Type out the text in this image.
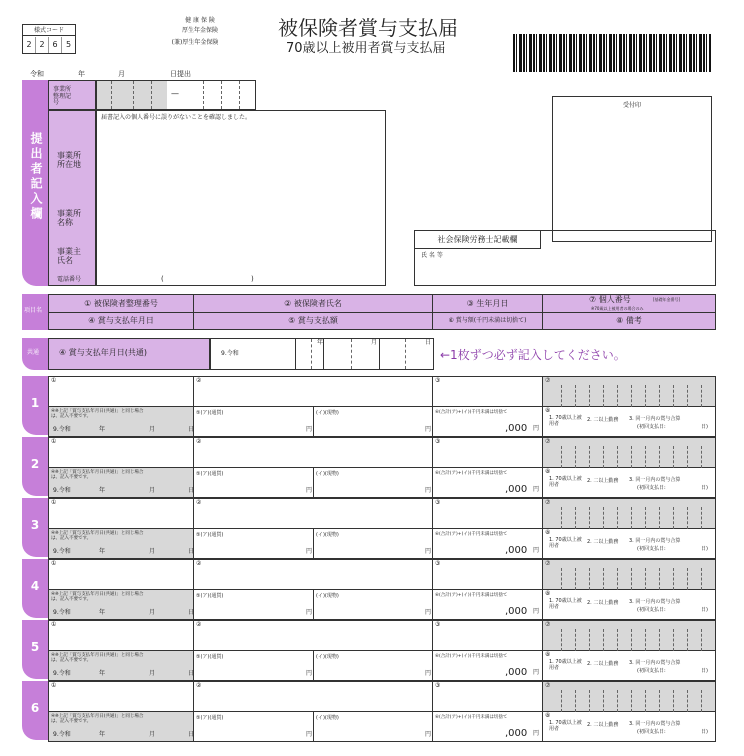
様式コード
2 2 6	5
健 康 保 険
厚生年金保険
(兼)厚生年金保険
被保険者賞与支払届
70歳以上被用者賞与支払届
令和	年	月	日提出
提出者記入欄
事業所整理記号
—
事業所所在地
事業所名称
事業主氏名
電話番号
届書記入の個人番号に誤りがないことを確認しました。
(	)
受付印
社会保険労務士記載欄
氏 名 等
項目名
① 被保険者整理番号	② 被保険者氏名	③ 生年月日	⑦ 個人番号	[基礎年金番号]
※70歳以上被用者の場合のみ
④ 賞与支払年月日	⑤ 賞与支払額	⑥ 賞与額(千円未満は切捨て)	⑧ 備考
共通 ④ 賞与支払年月日(共通)	9.令和
年	月	日
←1枚ずつ必ず記入してください。
1
①	②	③	⑦
④※上記「賞与支払年月日(共通)」と同じ場合は、記入不要です。
9.令和	年	月	日
⑤(ア)(通貨)
円
(イ)(現物)
円
⑥(合計(ア)+(イ))千円未満は切捨て
,000 円
⑧
1. 70歳以上被用者
2. 二以上勤務 3. 同一月内の賞与合算
(初回支払日:	日)
2
①	②	③	⑦
④※上記「賞与支払年月日(共通)」と同じ場合は、記入不要です。
9.令和	年	月	日
⑤(ア)(通貨)
円
(イ)(現物)
円
⑥(合計(ア)+(イ))千円未満は切捨て
,000 円
⑧
1. 70歳以上被用者
2. 二以上勤務 3. 同一月内の賞与合算
(初回支払日:	日)
3
①	②	③	⑦
④※上記「賞与支払年月日(共通)」と同じ場合は、記入不要です。
9.令和	年	月	日
⑤(ア)(通貨)
円
(イ)(現物)
円
⑥(合計(ア)+(イ))千円未満は切捨て
,000 円
⑧
1. 70歳以上被用者
2. 二以上勤務 3. 同一月内の賞与合算
(初回支払日:	日)
4
①	②	③	⑦
④※上記「賞与支払年月日(共通)」と同じ場合は、記入不要です。
9.令和	年	月	日
⑤(ア)(通貨)
円
(イ)(現物)
円
⑥(合計(ア)+(イ))千円未満は切捨て
,000 円
⑧
1. 70歳以上被用者
2. 二以上勤務 3. 同一月内の賞与合算
(初回支払日:	日)
5
①	②	③	⑦
④※上記「賞与支払年月日(共通)」と同じ場合は、記入不要です。
9.令和	年	月	日
⑤(ア)(通貨)
円
(イ)(現物)
円
⑥(合計(ア)+(イ))千円未満は切捨て
,000 円
⑧
1. 70歳以上被用者
2. 二以上勤務 3. 同一月内の賞与合算
(初回支払日:	日)
6
①	②	③	⑦
④※上記「賞与支払年月日(共通)」と同じ場合は、記入不要です。
9.令和	年	月	日
⑤(ア)(通貨)
円
(イ)(現物)
円
⑥(合計(ア)+(イ))千円未満は切捨て
,000 円
⑧
1. 70歳以上被用者
2. 二以上勤務 3. 同一月内の賞与合算
(初回支払日:	日)
